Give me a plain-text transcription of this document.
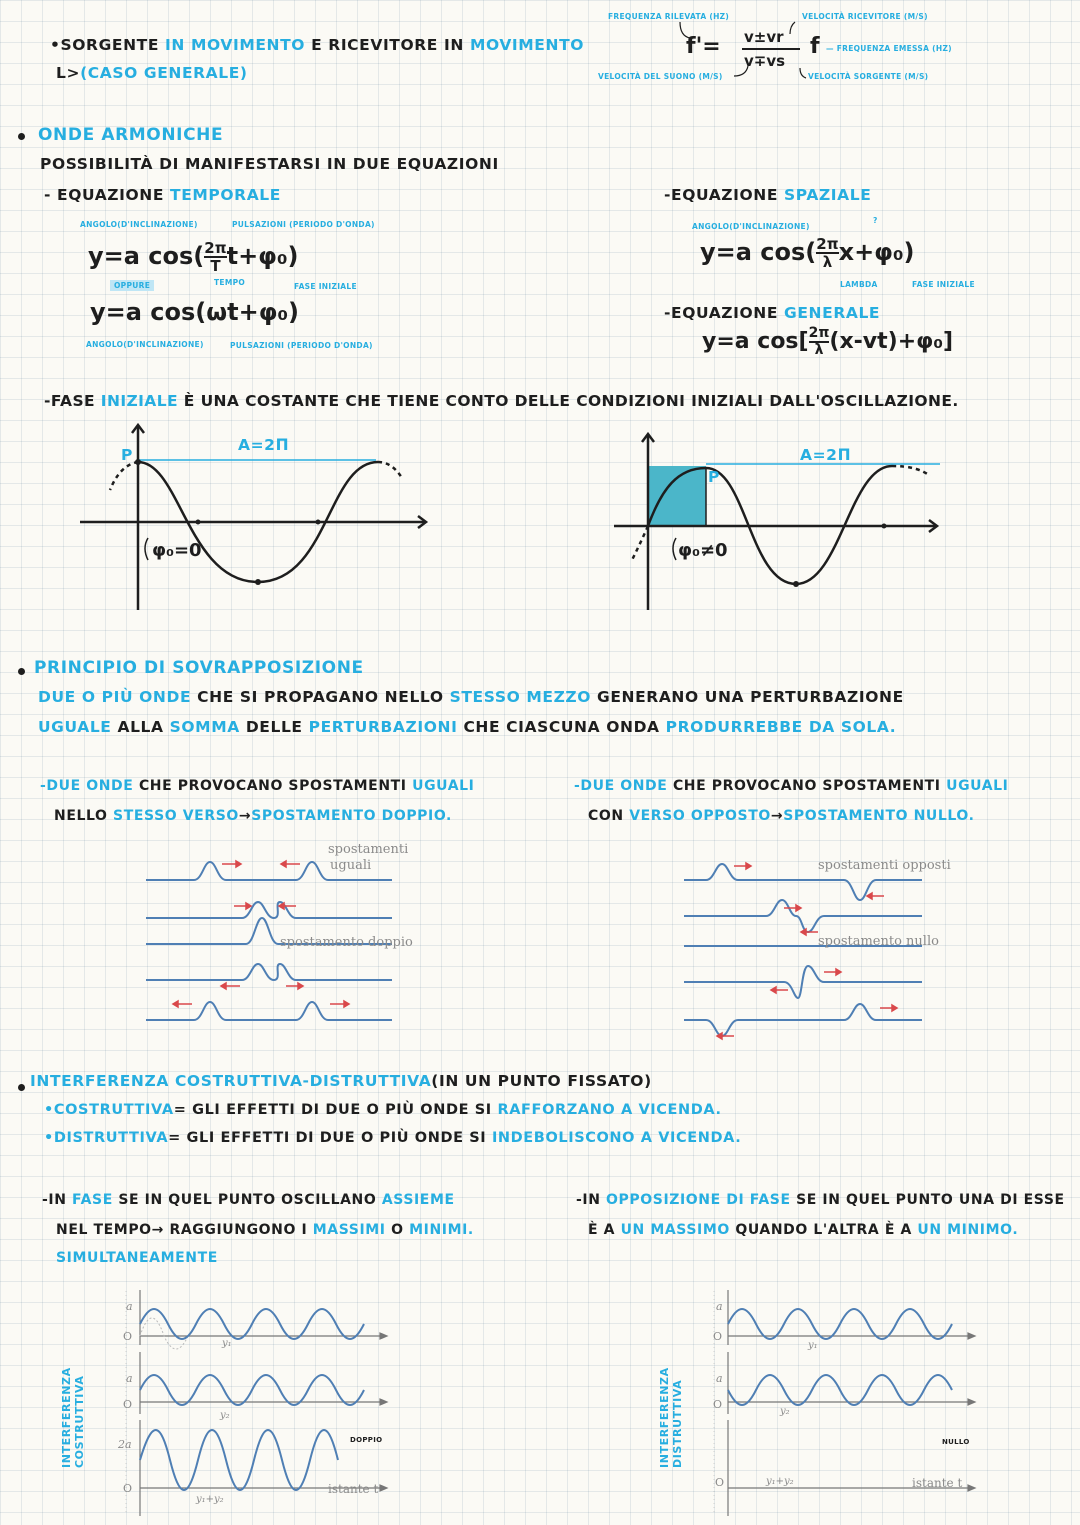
•SORGENTE IN MOVIMENTO E RICEVITORE IN MOVIMENTO
L>(CASO GENERALE)
FREQUENZA RILEVATA (HZ)	VELOCITÀ RICEVITORE (M/S)
f'= v±vr
v∓vs
f — FREQUENZA EMESSA (HZ)
VELOCITÀ DEL SUONO (M/S)	VELOCITÀ SORGENTE (M/S)
ONDE ARMONICHE
POSSIBILITÀ DI MANIFESTARSI IN DUE EQUAZIONI
- EQUAZIONE TEMPORALE
ANGOLO(D'INCLINAZIONE)	PULSAZIONI (PERIODO D'ONDA)
y=a $\cos( \frac{2\pi}{T} t+\varphi_0)$
OPPURE	TEMPO	FASE INIZIALE
y=a cos(ωt+φ₀)
ANGOLO(D'INCLINAZIONE)	PULSAZIONI (PERIODO D'ONDA)
-EQUAZIONE SPAZIALE
ANGOLO(D'INCLINAZIONE)
?
y=a $\cos( \frac{2\pi}{\lambda} x+\varphi_0)$
LAMBDA	FASE INIZIALE
-EQUAZIONE GENERALE
y=a $\cos[ \frac{2\pi}{\lambda} (x-vt)+\varphi_0]$
-FASE INIZIALE È UNA COSTANTE CHE TIENE CONTO DELLE CONDIZIONI INIZIALI DALL'OSCILLAZIONE.
P
A=2Π
φ₀=0
P
A=2Π
φ₀≠0
PRINCIPIO DI SOVRAPPOSIZIONE
DUE O PIÙ ONDE CHE SI PROPAGANO NELLO STESSO MEZZO GENERANO UNA PERTURBAZIONE
UGUALE ALLA SOMMA DELLE PERTURBAZIONI CHE CIASCUNA ONDA PRODURREBBE DA SOLA.
-DUE ONDE CHE PROVOCANO SPOSTAMENTI UGUALI
NELLO STESSO VERSO→SPOSTAMENTO DOPPIO.
spostamenti
uguali
spostamento doppio
-DUE ONDE CHE PROVOCANO SPOSTAMENTI UGUALI
CON VERSO OPPOSTO→SPOSTAMENTO NULLO.
spostamenti opposti
spostamento nullo
INTERFERENZA COSTRUTTIVA-DISTRUTTIVA(IN UN PUNTO FISSATO)
•COSTRUTTIVA= GLI EFFETTI DI DUE O PIÙ ONDE SI RAFFORZANO A VICENDA.
•DISTRUTTIVA= GLI EFFETTI DI DUE O PIÙ ONDE SI INDEBOLISCONO A VICENDA.
-IN FASE SE IN QUEL PUNTO OSCILLANO ASSIEME
NEL TEMPO→ RAGGIUNGONO I MASSIMI O MINIMI.
SIMULTANEAMENTE
a
O
y₁
a
O
y₂
2a
O
y₁+y₂
DOPPIO
istante t
INTERFERENZA
COSTRUTTIVA
-IN OPPOSIZIONE DI FASE SE IN QUEL PUNTO UNA DI ESSE
È A UN MASSIMO QUANDO L'ALTRA È A UN MINIMO.
a
O
y₁
a
O
y₂
O	y₁+y₂
NULLO
istante t
INTERFERENZA
DISTRUTTIVA
